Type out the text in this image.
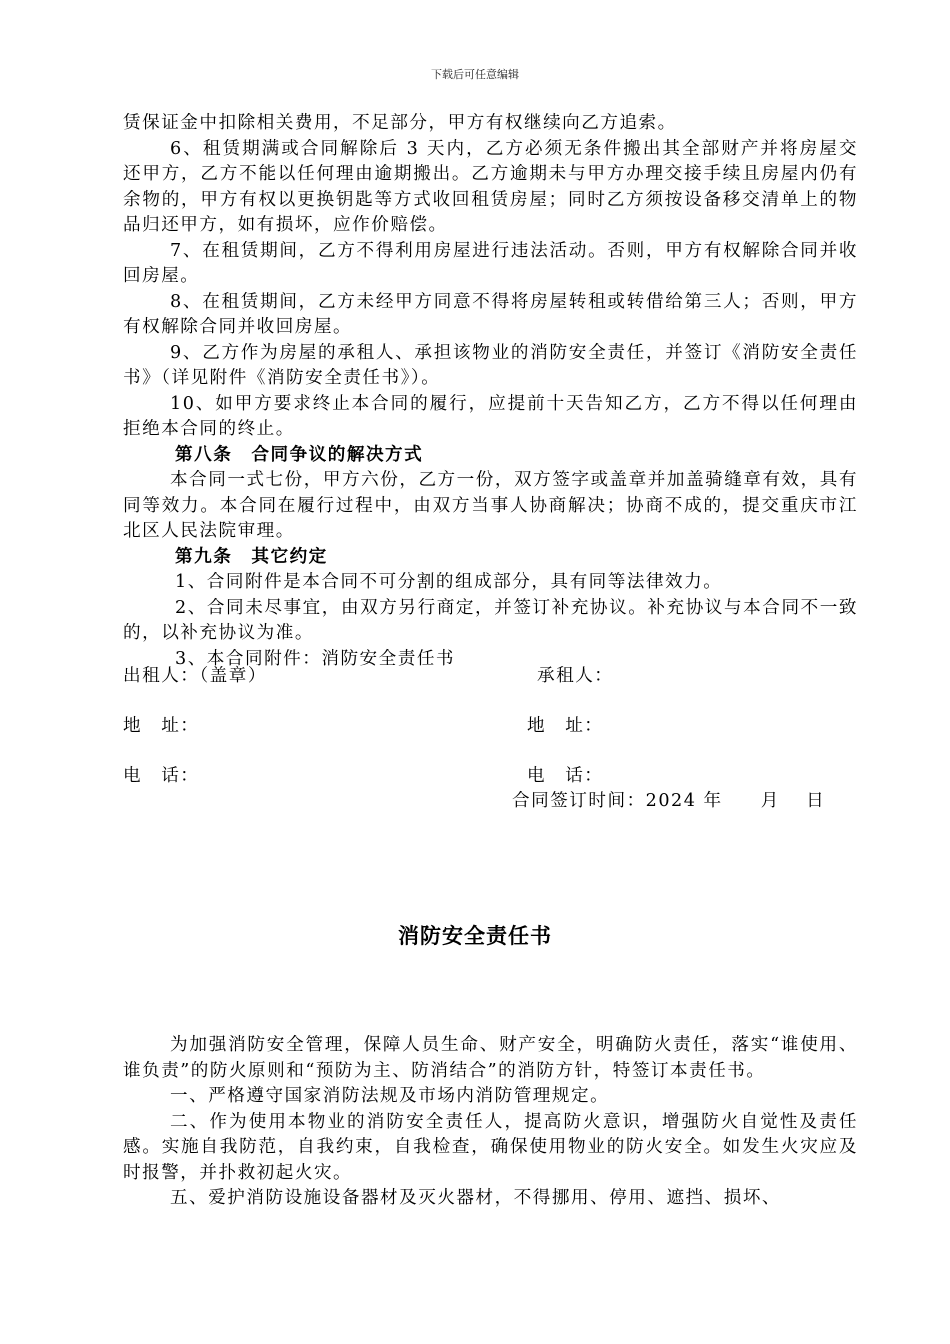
下载后可任意编辑

赁保证金中扣除相关费用，不足部分，甲方有权继续向乙方追索。

6、租赁期满或合同解除后 3 天内，乙方必须无条件搬出其全部财产并将房屋交还甲方，乙方不能以任何理由逾期搬出。乙方逾期未与甲方办理交接手续且房屋内仍有余物的，甲方有权以更换钥匙等方式收回租赁房屋；同时乙方须按设备移交清单上的物品归还甲方，如有损坏，应作价赔偿。

7、在租赁期间，乙方不得利用房屋进行违法活动。否则，甲方有权解除合同并收回房屋。

8、在租赁期间，乙方未经甲方同意不得将房屋转租或转借给第三人；否则，甲方有权解除合同并收回房屋。

9、乙方作为房屋的承租人、承担该物业的消防安全责任，并签订《消防安全责任书》（详见附件《消防安全责任书》）。

10、如甲方要求终止本合同的履行，应提前十天告知乙方，乙方不得以任何理由拒绝本合同的终止。

第八条　合同争议的解决方式

本合同一式七份，甲方六份，乙方一份，双方签字或盖章并加盖骑缝章有效，具有同等效力。本合同在履行过程中，由双方当事人协商解决；协商不成的，提交重庆市江北区人民法院审理。

第九条　其它约定

1、合同附件是本合同不可分割的组成部分，具有同等法律效力。

2、合同未尽事宜，由双方另行商定，并签订补充协议。补充协议与本合同不一致的，以补充协议为准。

3、本合同附件：消防安全责任书

出租人：（盖章）	承租人：
地　址：	地　址：
电　话：	电　话：
合同签订时间：2024 年　　月　 日
消防安全责任书

为加强消防安全管理，保障人员生命、财产安全，明确防火责任，落实“谁使用、谁负责”的防火原则和“预防为主、防消结合”的消防方针，特签订本责任书。

一、严格遵守国家消防法规及市场内消防管理规定。

二、作为使用本物业的消防安全责任人，提高防火意识，增强防火自觉性及责任感。实施自我防范，自我约束，自我检查，确保使用物业的防火安全。如发生火灾应及时报警，并扑救初起火灾。

五、爱护消防设施设备器材及灭火器材，不得挪用、停用、遮挡、损坏、
